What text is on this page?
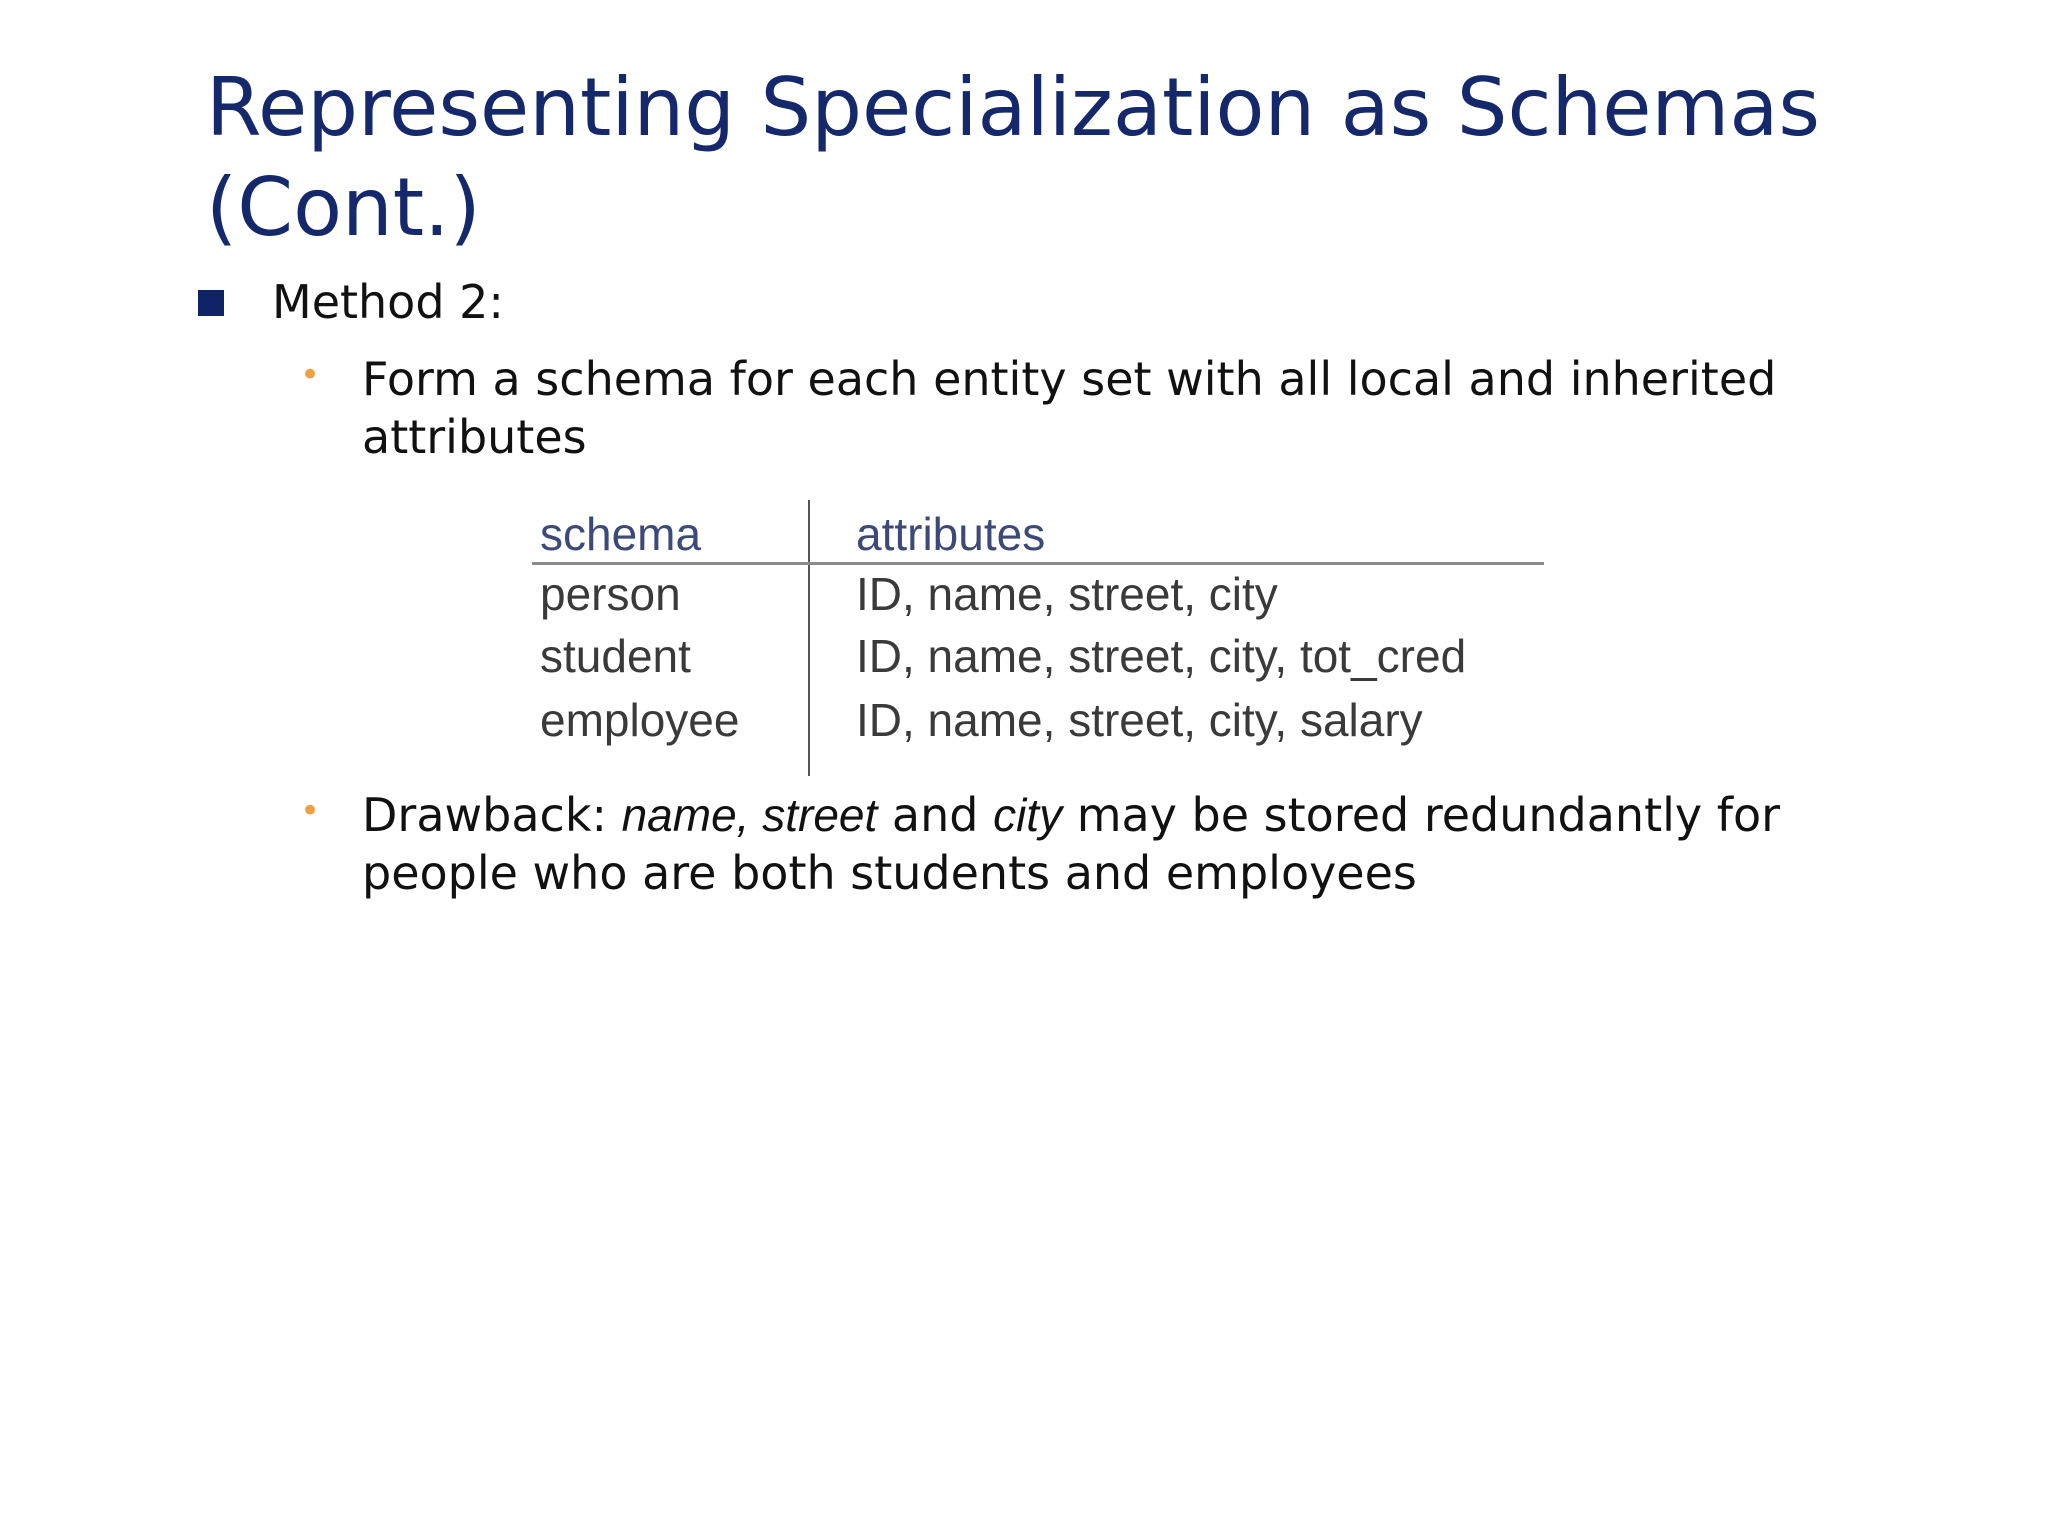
Representing Specialization as Schemas (Cont.)
Method 2:
• Form a schema for each entity set with all local and inherited attributes
schema	attributes
person	ID, name, street, city
student	ID, name, street, city, tot_cred
employee	ID, name, street, city, salary
• Drawback: name, street and city may be stored redundantly for people who are both students and employees
